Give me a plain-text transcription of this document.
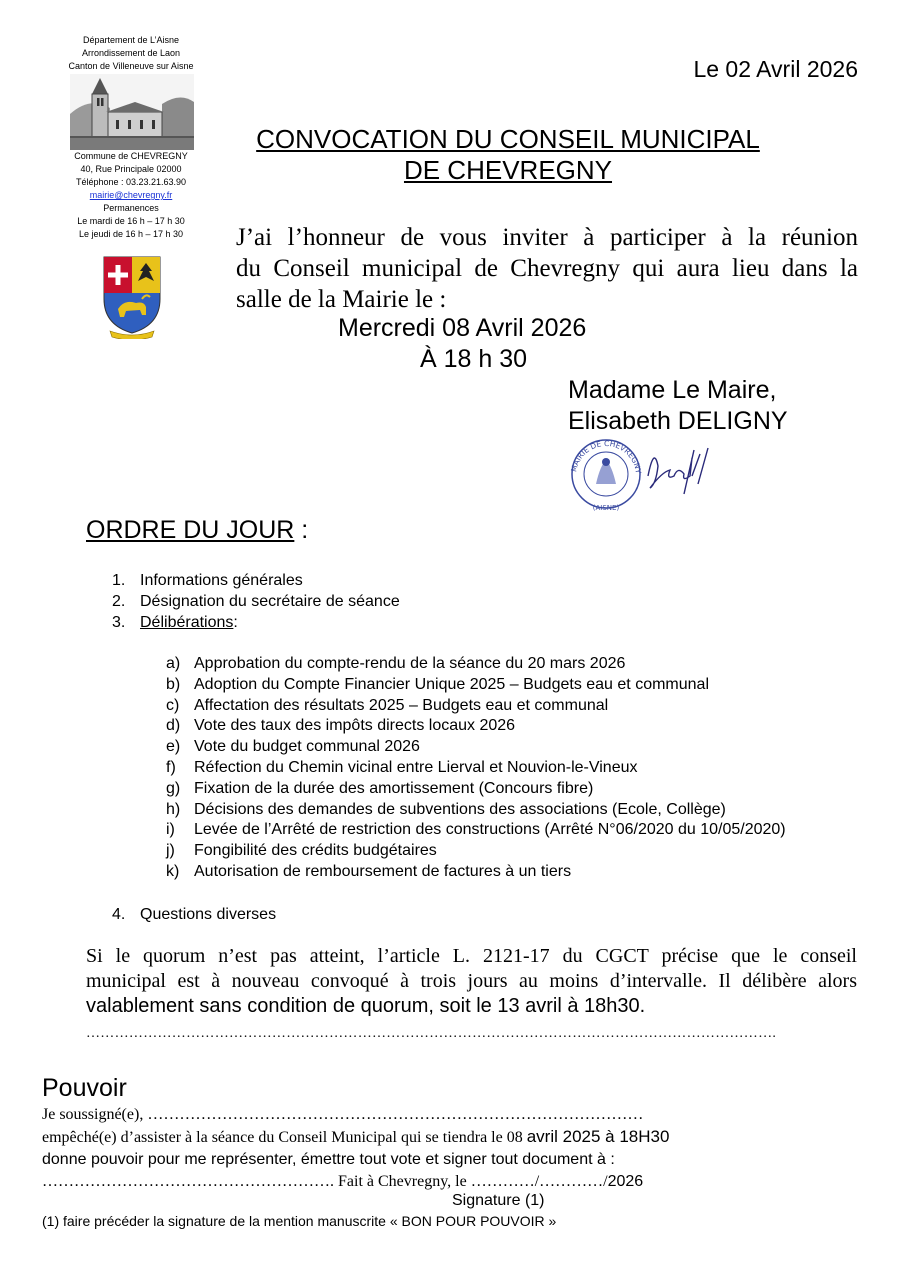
Département de L’Aisne
Arrondissement de Laon
Canton de Villeneuve sur Aisne
Commune de CHEVREGNY
40, Rue Principale 02000
Téléphone : 03.23.21.63.90
mairie@chevregny.fr
Permanences
Le mardi de 16 h – 17 h 30
Le jeudi de 16 h – 17 h 30
Le 02 Avril 2026
CONVOCATION DU CONSEIL MUNICIPAL
DE CHEVREGNY
J’ai l’honneur de vous inviter à participer à la réunion
du Conseil municipal de Chevregny qui aura lieu dans la
salle de la Mairie le :
Mercredi 08 Avril 2026
À 18 h 30
Madame Le Maire,
Elisabeth DELIGNY
MAIRIE DE CHEVREGNY
(AISNE)
ORDRE DU JOUR :
1. Informations générales
2. Désignation du secrétaire de séance
3. Délibérations :
a) Approbation du compte-rendu de la séance du 20 mars 2026
b) Adoption du Compte Financier Unique 2025 – Budgets eau et communal
c) Affectation des résultats 2025 – Budgets eau et communal
d) Vote des taux des impôts directs locaux 2026
e) Vote du budget communal 2026
f)	Réfection du Chemin vicinal entre Lierval et Nouvion-le-Vineux
g) Fixation de la durée des amortissement (Concours fibre)
h) Décisions des demandes de subventions des associations (Ecole, Collège)
i)	Levée de l’Arrêté de restriction des constructions (Arrêté N°06/2020 du 10/05/2020)
j)	Fongibilité des crédits budgétaires
k) Autorisation de remboursement de factures à un tiers
4. Questions diverses
Si le quorum n’est pas atteint, l’article L. 2121-17 du CGCT précise que le conseil
municipal est à nouveau convoqué à trois jours au moins d’intervalle. Il délibère alors
valablement sans condition de quorum, soit le 13 avril à 18h30.
……………………………………………………………………………………………………………………………….
Pouvoir
Je soussigné(e), …………………………………………………………………………………
empêché(e) d’assister à la séance du Conseil Municipal qui se tiendra le 08 avril 2025 à 18H30
donne pouvoir pour me représenter, émettre tout vote et signer tout document à :
………………………………………………. Fait à Chevregny, le …………/…………/2026
Signature (1)
(1) faire précéder la signature de la mention manuscrite « BON POUR POUVOIR »
